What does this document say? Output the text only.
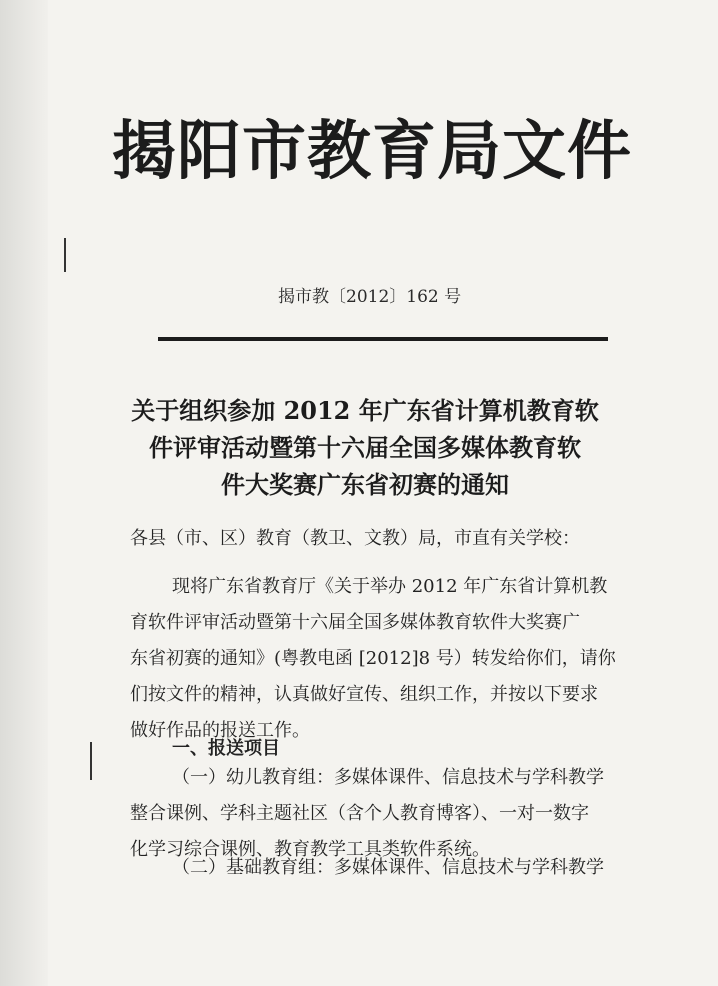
揭阳市教育局文件
揭市教〔2012〕162 号
关于组织参加 2012 年广东省计算机教育软
件评审活动暨第十六届全国多媒体教育软
件大奖赛广东省初赛的通知
各县（市、区）教育（教卫、文教）局，市直有关学校：
现将广东省教育厅《关于举办 2012 年广东省计算机教
育软件评审活动暨第十六届全国多媒体教育软件大奖赛广
东省初赛的通知》(粤教电函 [2012]8 号）转发给你们，请你
们按文件的精神，认真做好宣传、组织工作，并按以下要求
做好作品的报送工作。
一、报送项目
（一）幼儿教育组：多媒体课件、信息技术与学科教学
整合课例、学科主题社区（含个人教育博客）、一对一数字
化学习综合课例、教育教学工具类软件系统。
（二）基础教育组：多媒体课件、信息技术与学科教学
